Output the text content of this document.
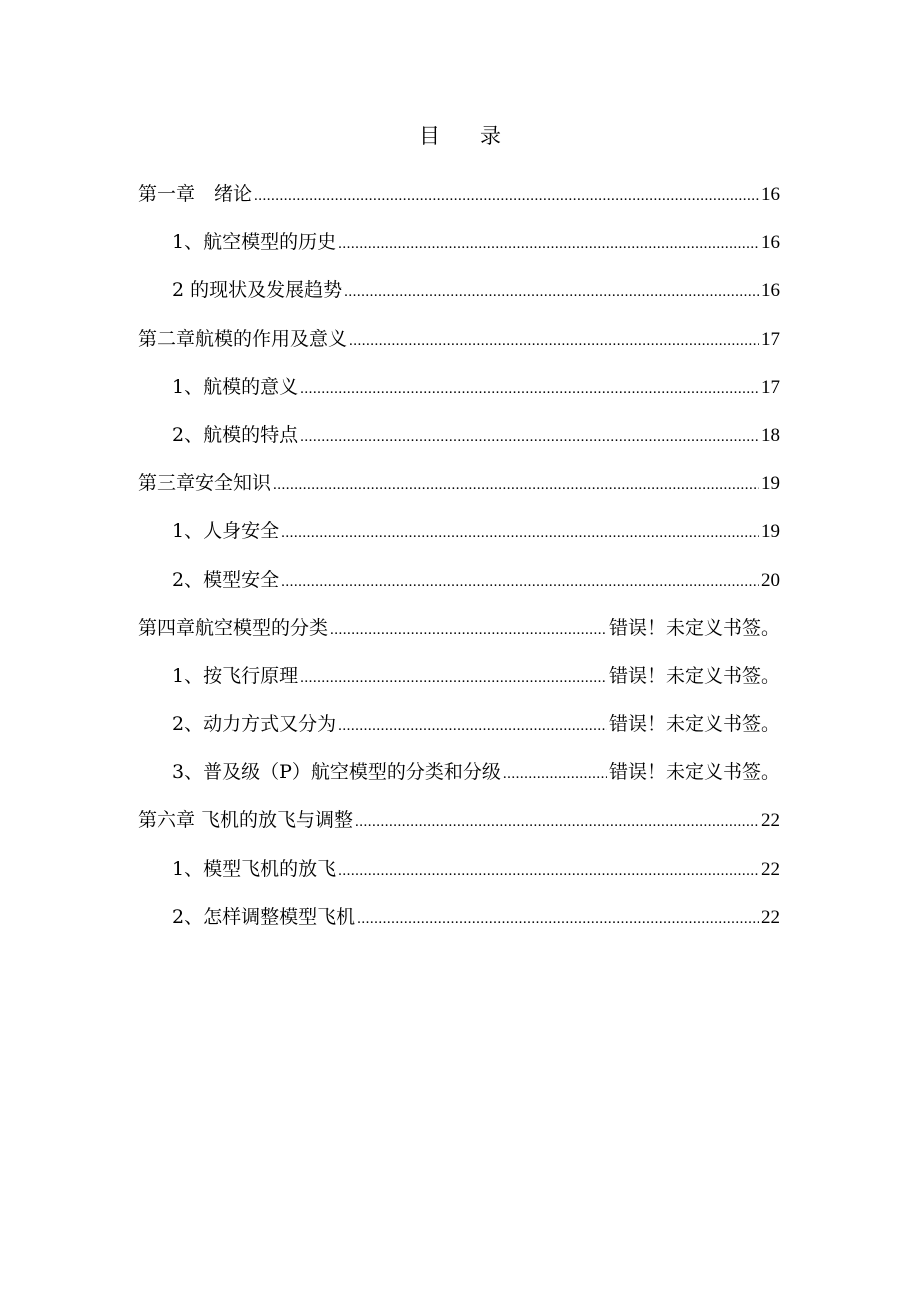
目 录
第一章　绪论 .....	16
1、航空模型的历史 .....	16
2 的现状及发展趋势 .....	16
第二章航模的作用及意义 .....	17
1、航模的意义 .....	17
2、航模的特点 .....	18
第三章安全知识 .....	19
1、人身安全 .....	19
2、模型安全 .....	20
第四章航空模型的分类 .....	错误！未定义书签。
1、按飞行原理 .....	错误！未定义书签。
2、动力方式又分为 .....	错误！未定义书签。
3、普及级（P）航空模型的分类和分级 .....	错误！未定义书签。
第六章 飞机的放飞与调整 .....	22
1、模型飞机的放飞 .....	22
2、怎样调整模型飞机 .....	22
